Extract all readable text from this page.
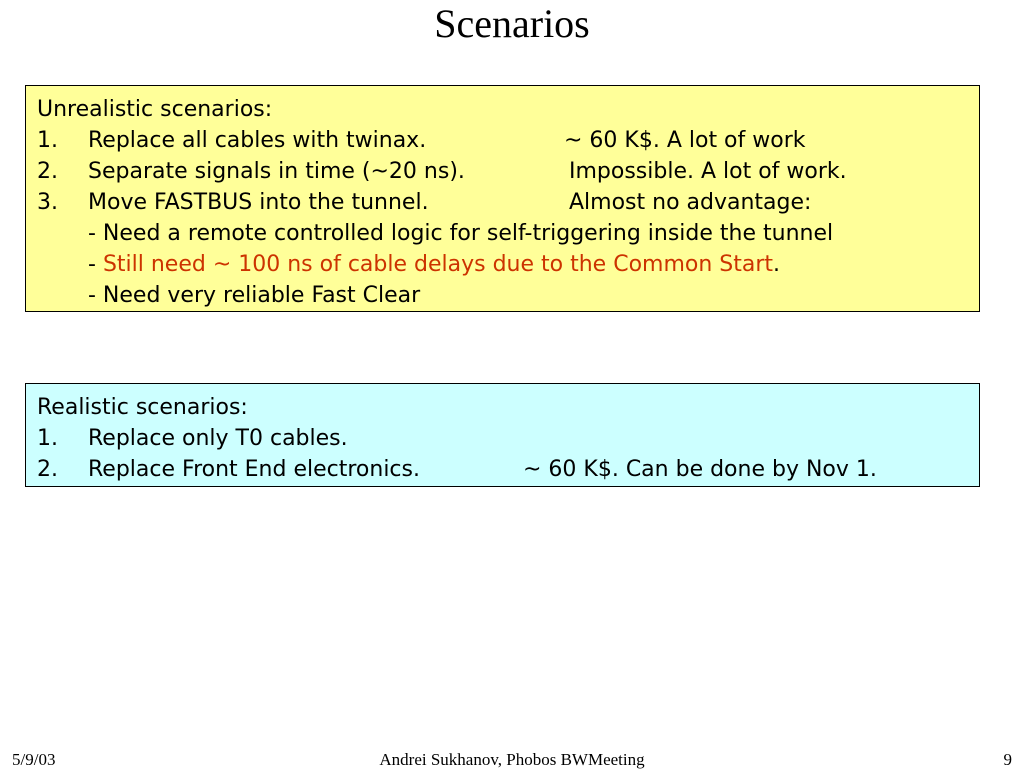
Scenarios
Unrealistic scenarios:
1. Replace all cables with twinax.	~ 60 K$. A lot of work
2. Separate signals in time (~20 ns).	Impossible. A lot of work.
3. Move FASTBUS into the tunnel.	Almost no advantage:
- Need a remote controlled logic for self-triggering inside the tunnel
- Still need ~ 100 ns of cable delays due to the Common Start.
- Need very reliable Fast Clear
Realistic scenarios:
1. Replace only T0 cables.
2. Replace Front End electronics.	~ 60 K$. Can be done by Nov 1.
5/9/03	Andrei Sukhanov, Phobos BWMeeting	9
